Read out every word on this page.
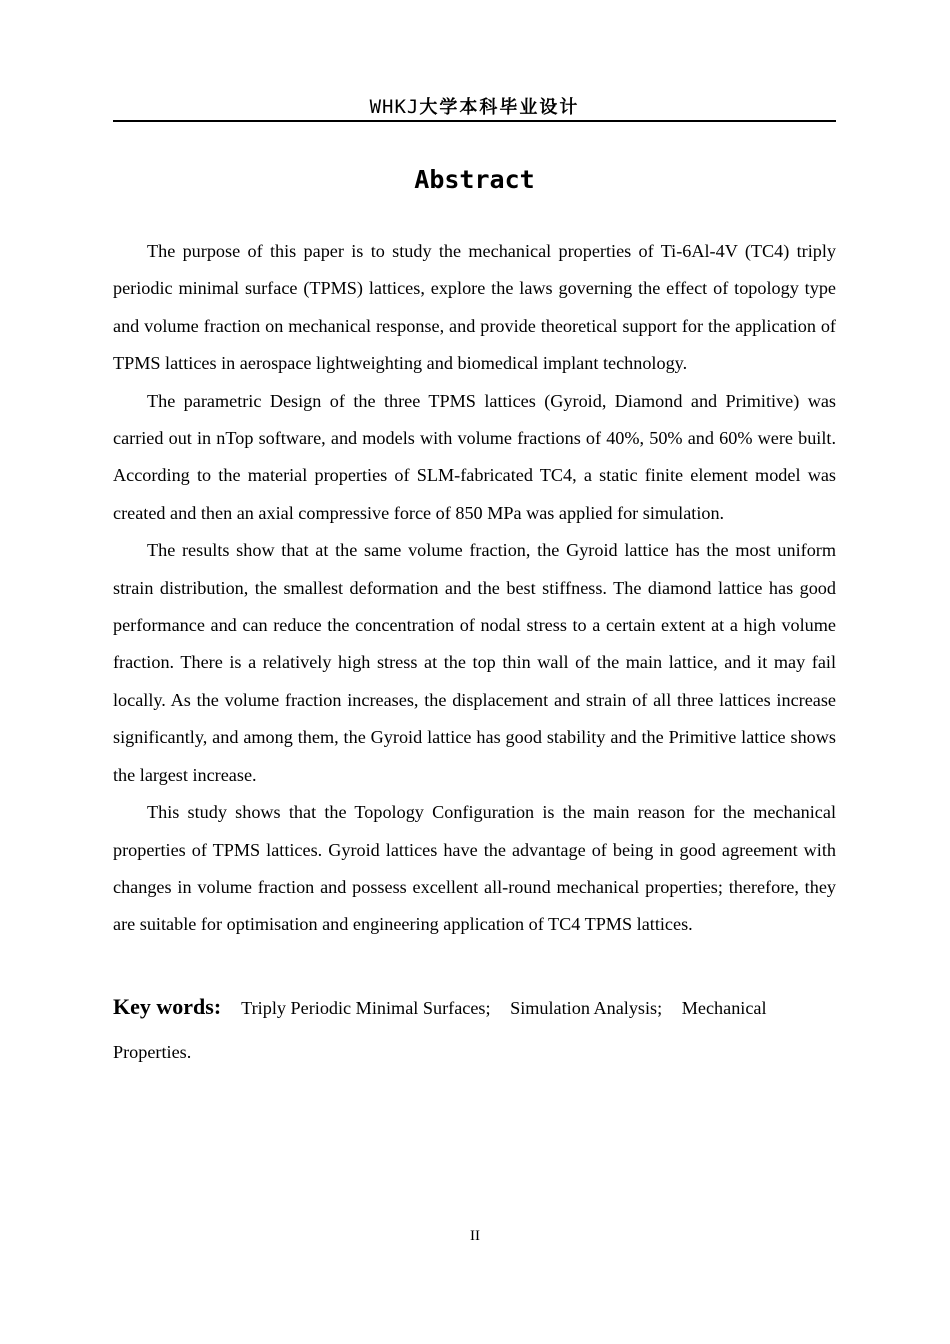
WHKJ大学本科毕业设计
Abstract

The purpose of this paper is to study the mechanical properties of Ti-6Al-4V (TC4) triply periodic minimal surface (TPMS) lattices, explore the laws governing the effect of topology type and volume fraction on mechanical response, and provide theoretical support for the application of TPMS lattices in aerospace lightweighting and biomedical implant technology.

The parametric Design of the three TPMS lattices (Gyroid, Diamond and Primitive) was carried out in nTop software, and models with volume fractions of 40%, 50% and 60% were built. According to the material properties of SLM-fabricated TC4, a static finite element model was created and then an axial compressive force of 850 MPa was applied for simulation.

The results show that at the same volume fraction, the Gyroid lattice has the most uniform strain distribution, the smallest deformation and the best stiffness. The diamond lattice has good performance and can reduce the concentration of nodal stress to a certain extent at a high volume fraction. There is a relatively high stress at the top thin wall of the main lattice, and it may fail locally. As the volume fraction increases, the displacement and strain of all three lattices increase significantly, and among them, the Gyroid lattice has good stability and the Primitive lattice shows the largest increase.

This study shows that the Topology Configuration is the main reason for the mechanical properties of TPMS lattices. Gyroid lattices have the advantage of being in good agreement with changes in volume fraction and possess excellent all-round mechanical properties; therefore, they are suitable for optimisation and engineering application of TC4 TPMS lattices.

Key words: Triply Periodic Minimal Surfaces; Simulation Analysis; Mechanical Properties.
II
